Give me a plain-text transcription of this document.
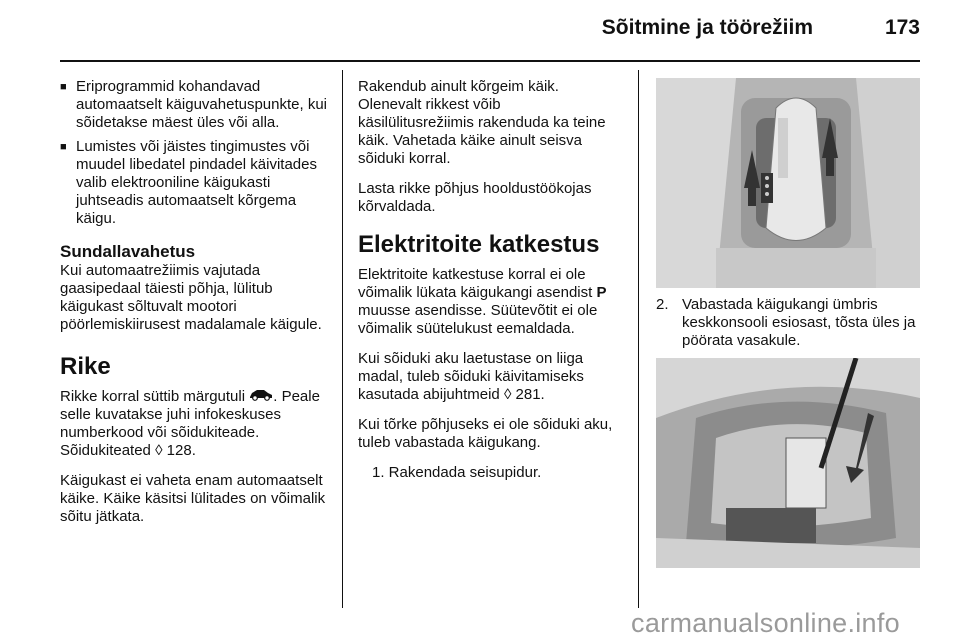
Sõitmine ja töörežiim	173
■ Eriprogrammid kohandavad automaatselt käiguvahetuspunkte, kui sõidetakse mäest üles või alla.
■ Lumistes või jäistes tingimustes või muudel libedatel pindadel käivitades valib elektrooniline käigukasti juhtseadis automaatselt kõrgema käigu.
Sundallavahetus

Kui automaatrežiimis vajutada gaasipedaal täiesti põhja, lülitub käigukast sõltuvalt mootori pöörlemiskiirusest madalamale käigule.

Rike

Rikke korral süttib märgutuli . Peale selle kuvatakse juhi infokeskuses numberkood või sõidukiteade. Sõidukiteated ◊ 128.

Käigukast ei vaheta enam automaatselt käike. Käike käsitsi lülitades on võimalik sõitu jätkata.

Rakendub ainult kõrgeim käik. Olenevalt rikkest võib käsilülitusrežiimis rakenduda ka teine käik. Vahetada käike ainult seisva sõiduki korral.

Lasta rikke põhjus hooldustöökojas kõrvaldada.

Elektritoite katkestus

Elektritoite katkestuse korral ei ole võimalik lükata käigukangi asendist P muusse asendisse. Süütevõtit ei ole võimalik süütelukust eemaldada.

Kui sõiduki aku laetustase on liiga madal, tuleb sõiduki käivitamiseks kasutada abijuhtmeid ◊ 281.

Kui tõrke põhjuseks ei ole sõiduki aku, tuleb vabastada käigukang.

1. Rakendada seisupidur.

2. Vabastada käigukangi ümbris keskkonsooli esiosast, tõsta üles ja pöörata vasakule.
carmanualsonline.info
